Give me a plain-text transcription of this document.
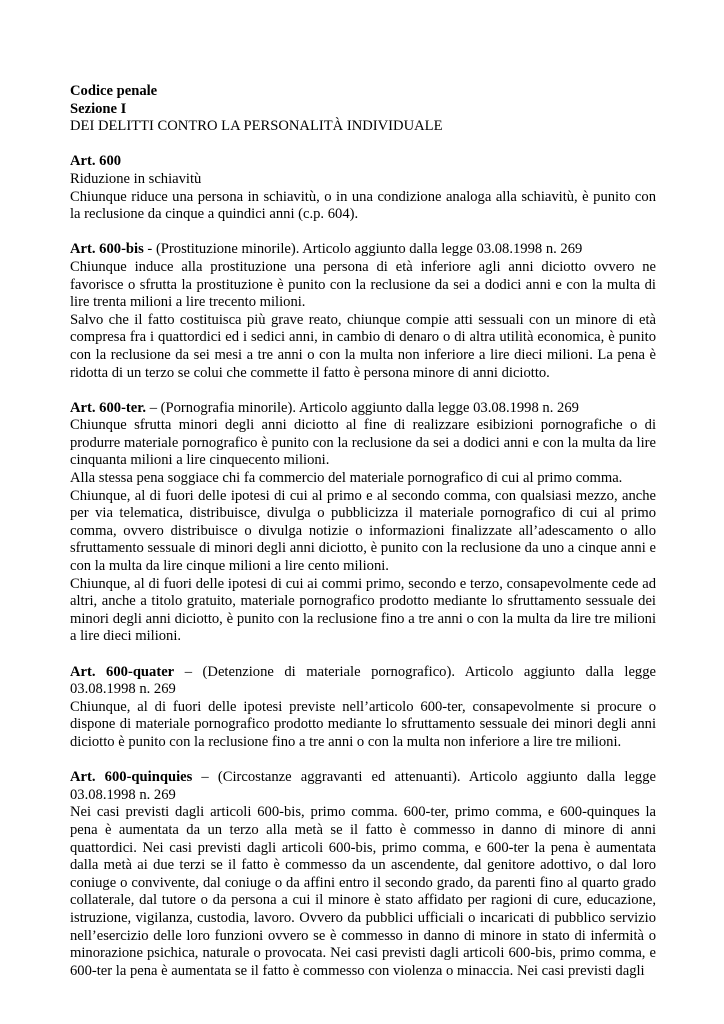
Codice penale
Sezione I
DEI DELITTI CONTRO LA PERSONALITÀ INDIVIDUALE
Art. 600
Riduzione in schiavitù

Chiunque riduce una persona in schiavitù, o in una condizione analoga alla schiavitù, è punito con la reclusione da cinque a quindici anni (c.p. 604).

Art. 600-bis - (Prostituzione minorile). Articolo aggiunto dalla legge 03.08.1998 n. 269

Chiunque induce alla prostituzione una persona di età inferiore agli anni diciotto ovvero ne favorisce o sfrutta la prostituzione è punito con la reclusione da sei a dodici anni e con la multa di lire trenta milioni a lire trecento milioni.

Salvo che il fatto costituisca più grave reato, chiunque compie atti sessuali con un minore di età compresa fra i quattordici ed i sedici anni, in cambio di denaro o di altra utilità economica, è punito con la reclusione da sei mesi a tre anni o con la multa non inferiore a lire dieci milioni. La pena è ridotta di un terzo se colui che commette il fatto è persona minore di anni diciotto.

Art. 600-ter. – (Pornografia minorile). Articolo aggiunto dalla legge 03.08.1998 n. 269

Chiunque sfrutta minori degli anni diciotto al fine di realizzare esibizioni pornografiche o di produrre materiale pornografico è punito con la reclusione da sei a dodici anni e con la multa da lire cinquanta milioni a lire cinquecento milioni.

Alla stessa pena soggiace chi fa commercio del materiale pornografico di cui al primo comma.

Chiunque, al di fuori delle ipotesi di cui al primo e al secondo comma, con qualsiasi mezzo, anche per via telematica, distribuisce, divulga o pubblicizza il materiale pornografico di cui al primo comma, ovvero distribuisce o divulga notizie o informazioni finalizzate all’adescamento o allo sfruttamento sessuale di minori degli anni diciotto, è punito con la reclusione da uno a cinque anni e con la multa da lire cinque milioni a lire cento milioni.

Chiunque, al di fuori delle ipotesi di cui ai commi primo, secondo e terzo, consapevolmente cede ad altri, anche a titolo gratuito, materiale pornografico prodotto mediante lo sfruttamento sessuale dei minori degli anni diciotto, è punito con la reclusione fino a tre anni o con la multa da lire tre milioni a lire dieci milioni.

Art. 600-quater – (Detenzione di materiale pornografico). Articolo aggiunto dalla legge 03.08.1998 n. 269

Chiunque, al di fuori delle ipotesi previste nell’articolo 600-ter, consapevolmente si procure o dispone di materiale pornografico prodotto mediante lo sfruttamento sessuale dei minori degli anni diciotto è punito con la reclusione fino a tre anni o con la multa non inferiore a lire tre milioni.

Art. 600-quinquies – (Circostanze aggravanti ed attenuanti). Articolo aggiunto dalla legge 03.08.1998 n. 269

Nei casi previsti dagli articoli 600-bis, primo comma. 600-ter, primo comma, e 600-quinques la pena è aumentata da un terzo alla metà se il fatto è commesso in danno di minore di anni quattordici. Nei casi previsti dagli articoli 600-bis, primo comma, e 600-ter la pena è aumentata dalla metà ai due terzi se il fatto è commesso da un ascendente, dal genitore adottivo, o dal loro coniuge o convivente, dal coniuge o da affini entro il secondo grado, da parenti fino al quarto grado collaterale, dal tutore o da persona a cui il minore è stato affidato per ragioni di cure, educazione, istruzione, vigilanza, custodia, lavoro. Ovvero da pubblici ufficiali o incaricati di pubblico servizio nell’esercizio delle loro funzioni ovvero se è commesso in danno di minore in stato di infermità o minorazione psichica, naturale o provocata. Nei casi previsti dagli articoli 600-bis, primo comma, e 600-ter la pena è aumentata se il fatto è commesso con violenza o minaccia. Nei casi previsti dagli
